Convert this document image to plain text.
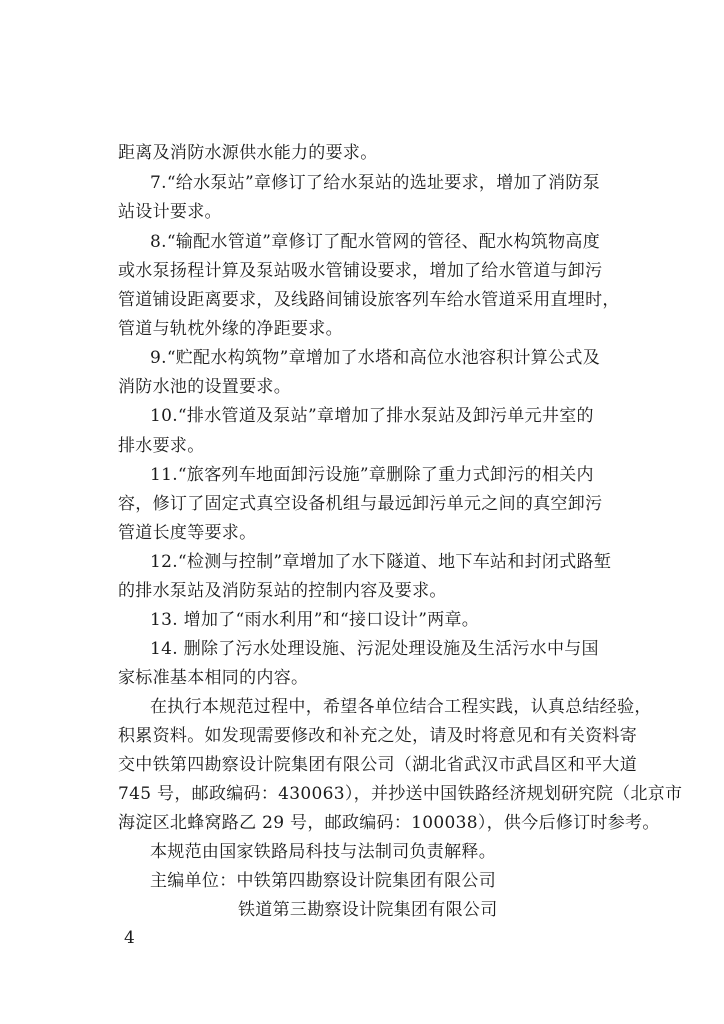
距离及消防水源供水能力的要求。
7.“给水泵站”章修订了给水泵站的选址要求，增加了消防泵
站设计要求。
8.“输配水管道”章修订了配水管网的管径、配水构筑物高度
或水泵扬程计算及泵站吸水管铺设要求，增加了给水管道与卸污
管道铺设距离要求，及线路间铺设旅客列车给水管道采用直埋时，
管道与轨枕外缘的净距要求。
9.“贮配水构筑物”章增加了水塔和高位水池容积计算公式及
消防水池的设置要求。
10.“排水管道及泵站”章增加了排水泵站及卸污单元井室的
排水要求。
11.“旅客列车地面卸污设施”章删除了重力式卸污的相关内
容，修订了固定式真空设备机组与最远卸污单元之间的真空卸污
管道长度等要求。
12.“检测与控制”章增加了水下隧道、地下车站和封闭式路堑
的排水泵站及消防泵站的控制内容及要求。
13. 增加了“雨水利用”和“接口设计”两章。
14. 删除了污水处理设施、污泥处理设施及生活污水中与国
家标准基本相同的内容。
在执行本规范过程中，希望各单位结合工程实践，认真总结经验，
积累资料。如发现需要修改和补充之处，请及时将意见和有关资料寄
交中铁第四勘察设计院集团有限公司（湖北省武汉市武昌区和平大道
745 号，邮政编码：430063），并抄送中国铁路经济规划研究院（北京市
海淀区北蜂窝路乙 29 号，邮政编码：100038），供今后修订时参考。
本规范由国家铁路局科技与法制司负责解释。
主编单位：中铁第四勘察设计院集团有限公司
铁道第三勘察设计院集团有限公司
4
